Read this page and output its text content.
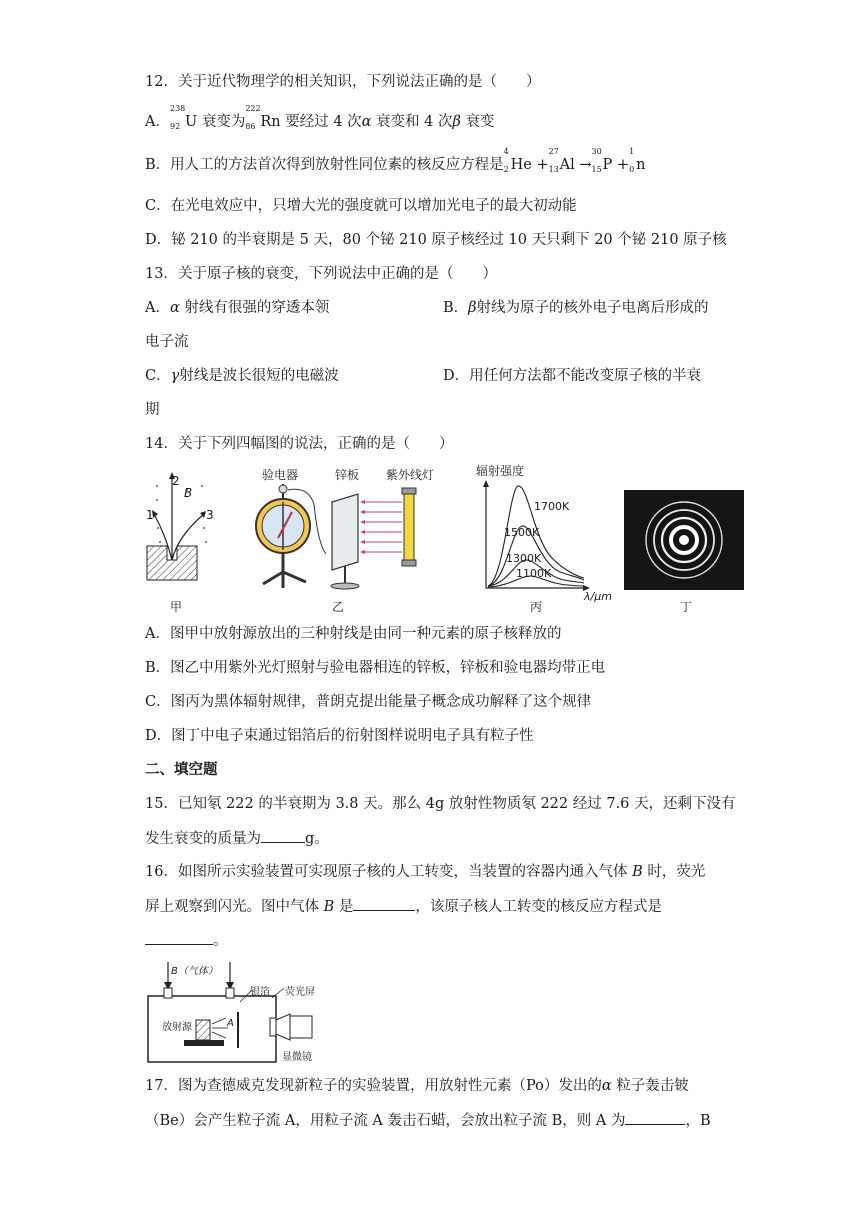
12．关于近代物理学的相关知识，下列说法正确的是（　　）
A．
238
92 U 衰变为
222
86 Rn 要经过 4 次α 衰变和 4 次β 衰变
B．用人工的方法首次得到放射性同位素的核反应方程是
4
2 He +
27
13 Al →
30
15 P +
1
0 n
C．在光电效应中，只增大光的强度就可以增加光电子的最大初动能
D．铋 210 的半衰期是 5 天，80 个铋 210 原子核经过 10 天只剩下 20 个铋 210 原子核
13．关于原子核的衰变，下列说法中正确的是（　　）
A．α 射线有很强的穿透本领	B．β射线为原子的核外电子电离后形成的
电子流
C．γ射线是波长很短的电磁波	D．用任何方法都不能改变原子核的半衰
期
14．关于下列四幅图的说法，正确的是（　　）
2
B
1	3
甲
验电器	锌板 紫外线灯
乙
辐射强度
1700K
1500K
1300K
1100K
λ/μm
丙	丁
A．图甲中放射源放出的三种射线是由同一种元素的原子核释放的
B．图乙中用紫外光灯照射与验电器相连的锌板，锌板和验电器均带正电
C．图丙为黑体辐射规律，普朗克提出能量子概念成功解释了这个规律
D．图丁中电子束通过铝箔后的衍射图样说明电子具有粒子性
二、填空题
15．已知氡 222 的半衰期为 3.8 天。那么 4g 放射性物质氡 222 经过 7.6 天，还剩下没有
发生衰变的质量为	g。
16．如图所示实验装置可实现原子核的人工转变，当装置的容器内通入气体 B 时，荧光
屏上观察到闪光。图中气体 B 是	，该原子核人工转变的核反应方程式是
。
B（气体）
银箔 荧光屏
放射源	A
显微镜
17．图为查德威克发现新粒子的实验装置，用放射性元素（Po）发出的α 粒子轰击铍
（Be）会产生粒子流 A，用粒子流 A 轰击石蜡，会放出粒子流 B，则 A 为	，B
